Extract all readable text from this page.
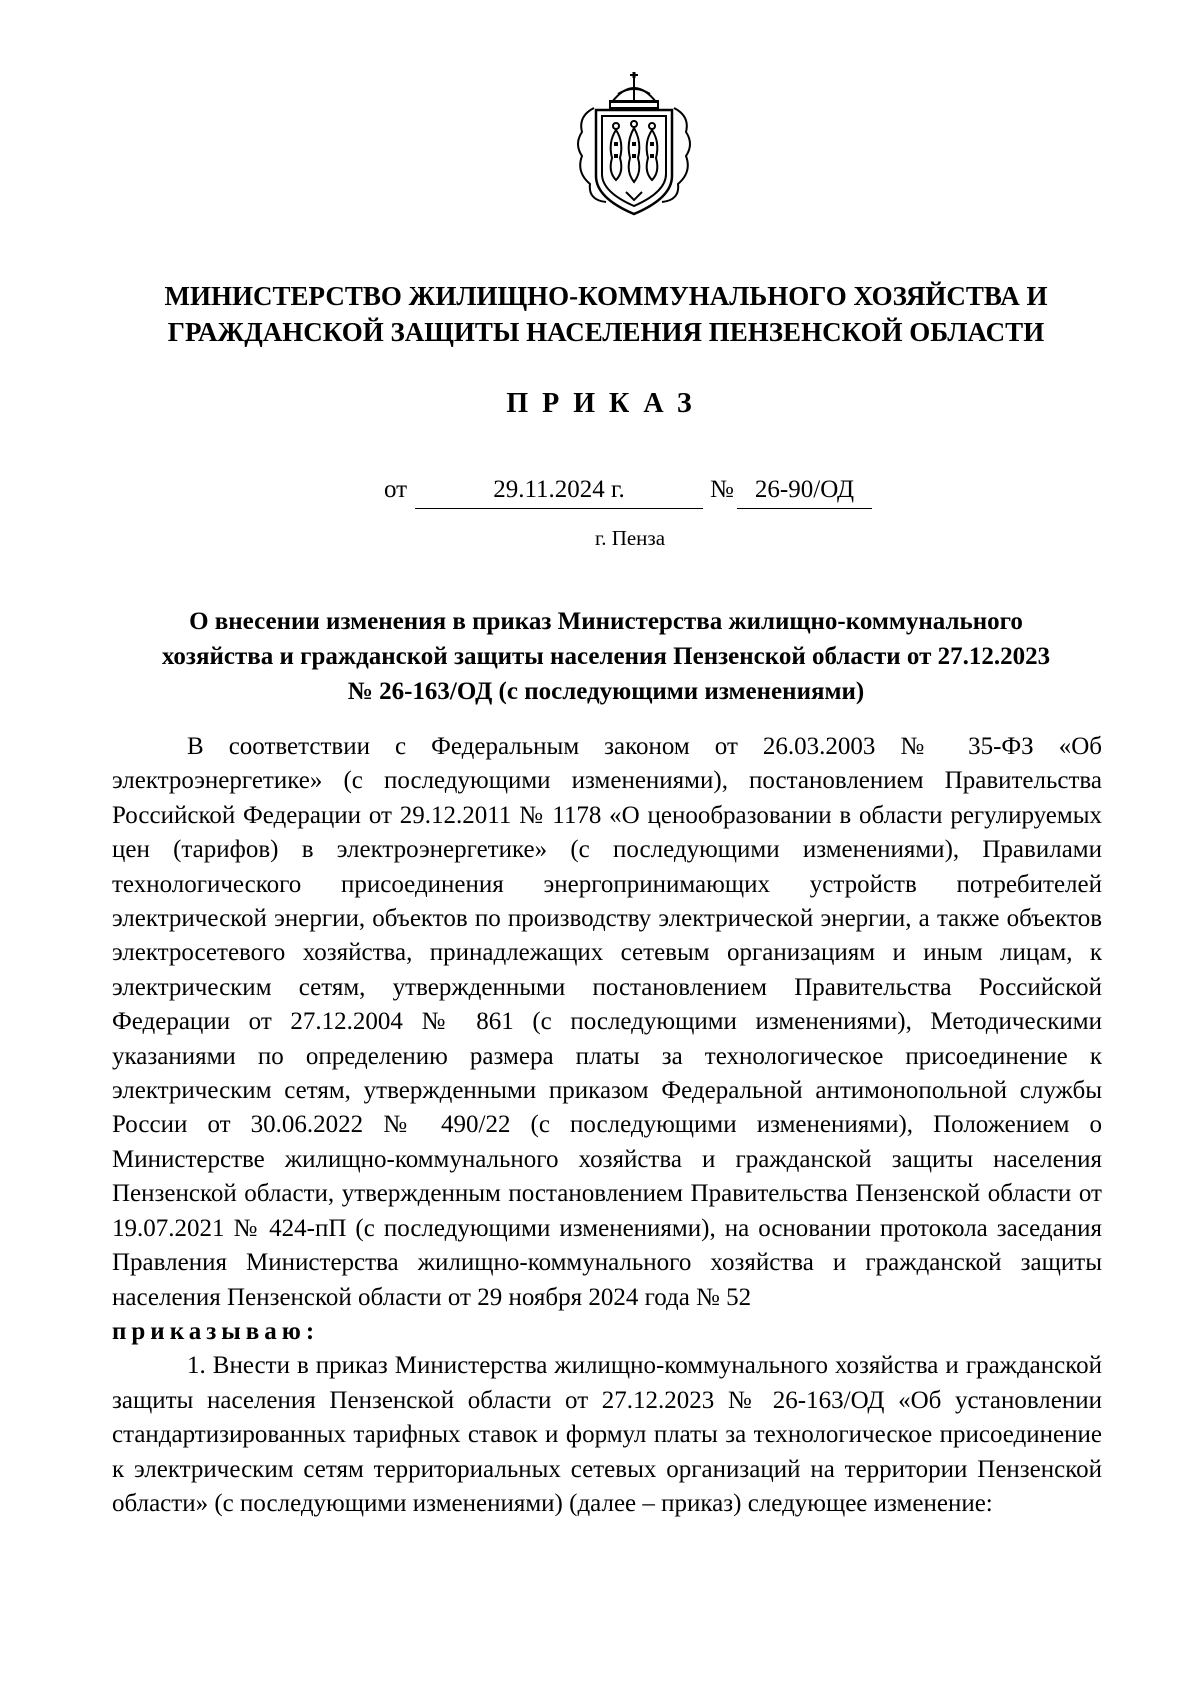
МИНИСТЕРСТВО ЖИЛИЩНО-КОММУНАЛЬНОГО ХОЗЯЙСТВА И
ГРАЖДАНСКОЙ ЗАЩИТЫ НАСЕЛЕНИЯ ПЕНЗЕНСКОЙ ОБЛАСТИ
ПРИКАЗ
от	29.11.2024 г.	№ 26-90/ОД
г. Пенза
О внесении изменения в приказ Министерства жилищно-коммунального
хозяйства и гражданской защиты населения Пензенской области от 27.12.2023
№ 26-163/ОД (с последующими изменениями)

В соответствии с Федеральным законом от 26.03.2003 № 35-ФЗ «Об электроэнергетике» (с последующими изменениями), постановлением Правительства Российской Федерации от 29.12.2011 № 1178 «О ценообразовании в области регулируемых цен (тарифов) в электроэнергетике» (с последующими изменениями), Правилами технологического присоединения энергопринимающих устройств потребителей электрической энергии, объектов по производству электрической энергии, а также объектов электросетевого хозяйства, принадлежащих сетевым организациям и иным лицам, к электрическим сетям, утвержденными постановлением Правительства Российской Федерации от 27.12.2004 № 861 (с последующими изменениями), Методическими указаниями по определению размера платы за технологическое присоединение к электрическим сетям, утвержденными приказом Федеральной антимонопольной службы России от 30.06.2022 № 490/22 (с последующими изменениями), Положением о Министерстве жилищно-коммунального хозяйства и гражданской защиты населения Пензенской области, утвержденным постановлением Правительства Пензенской области от 19.07.2021 № 424-пП (с последующими изменениями), на основании протокола заседания Правления Министерства жилищно-коммунального хозяйства и гражданской защиты населения Пензенской области от 29 ноября 2024 года № 52

приказываю:

1. Внести в приказ Министерства жилищно-коммунального хозяйства и гражданской защиты населения Пензенской области от 27.12.2023 № 26-163/ОД «Об установлении стандартизированных тарифных ставок и формул платы за технологическое присоединение к электрическим сетям территориальных сетевых организаций на территории Пензенской области» (с последующими изменениями) (далее – приказ) следующее изменение:
